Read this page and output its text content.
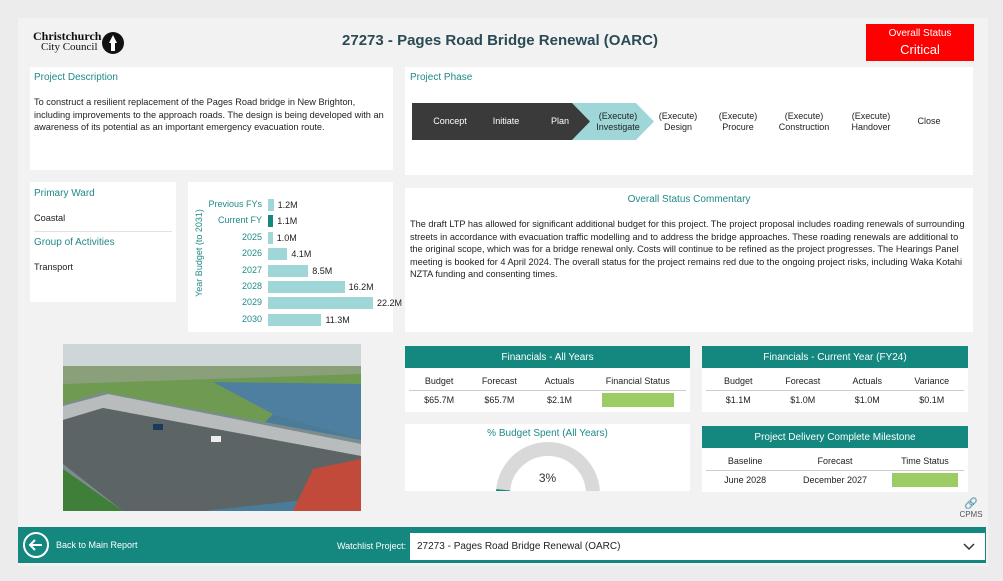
Christchurch
City Council	27273 - Pages Road Bridge Renewal (OARC)	Overall Status
Critical
Project Description
To construct a resilient replacement of the Pages Road bridge in New Brighton, including improvements to the approach roads. The design is being developed with an awareness of its potential as an important emergency evacuation route.
Project Phase
Concept	Initiate	Plan
(Execute)
Investigate
(Execute)
Design
(Execute)
Procure
(Execute)
Construction
(Execute)
Handover
Close
Primary Ward
Coastal
Group of Activities
Transport	Year Budget (to 2031)
Previous FYs 1.2M
Current FY 1.1M
2025 1.0M
2026	4.1M
2027	8.5M
2028	16.2M
2029	22.2M
2030	11.3M
Overall Status Commentary
The draft LTP has allowed for significant additional budget for this project. The project proposal includes roading renewals of surrounding streets in accordance with evacuation traffic modelling and to address the bridge approaches. These roading renewals are additional to the original scope, which was for a bridge renewal only. Costs will continue to be refined as the project progresses. The Hearings Panel meeting is booked for 4 April 2024. The overall status for the project remains red due to the ongoing project risks, including Waka Kotahi NZTA funding and consenting times.
Financials - All Years
Budget	Forecast	Actuals	Financial Status
$65.7M	$65.7M	$2.1M
Financials - Current Year (FY24)
Budget	Forecast	Actuals	Variance
$1.1M	$1.0M	$1.0M	$0.1M
% Budget Spent (All Years)
3%
Project Delivery Complete Milestone
Baseline	Forecast	Time Status
June 2028	December 2027
🔗
CPMS
Back to Main Report	Watchlist Project: 27273 - Pages Road Bridge Renewal (OARC)
